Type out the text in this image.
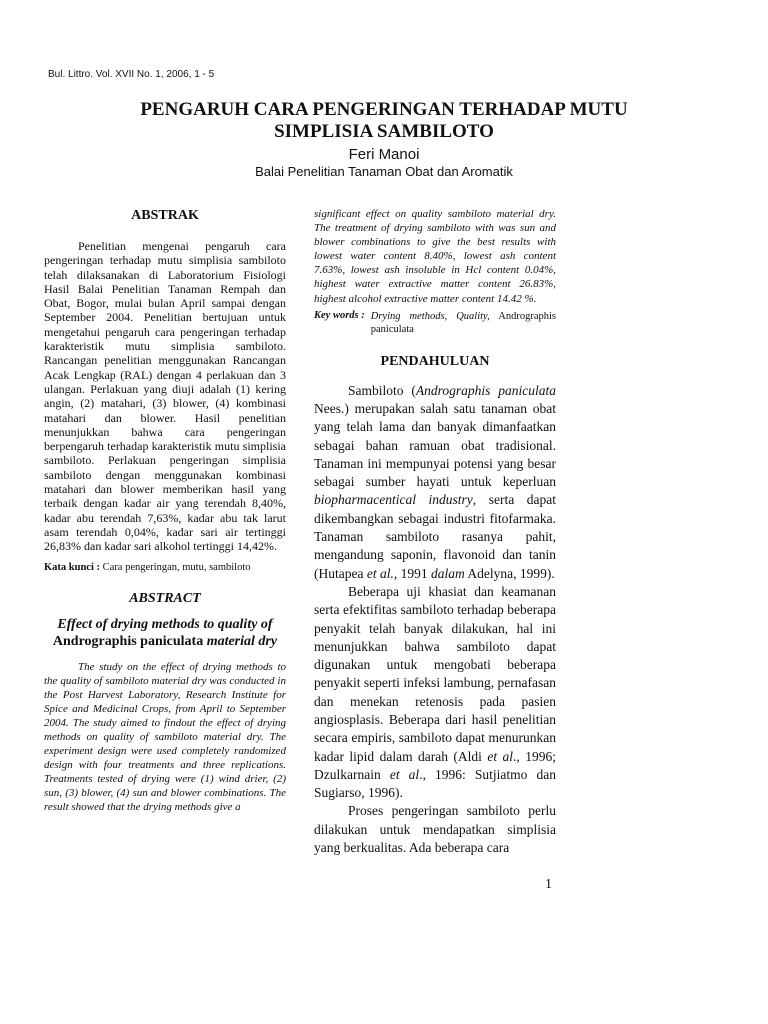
Bul. Littro. Vol. XVII No. 1, 2006, 1 - 5
PENGARUH CARA PENGERINGAN TERHADAP MUTU
SIMPLISIA SAMBILOTO
Feri Manoi
Balai Penelitian Tanaman Obat dan Aromatik
ABSTRAK

Penelitian mengenai pengaruh cara pengeringan terhadap mutu simplisia sambiloto telah dilaksanakan di Laboratorium Fisiologi Hasil Balai Penelitian Tanaman Rempah dan Obat, Bogor, mulai bulan April sampai dengan September 2004. Penelitian bertujuan untuk mengetahui pengaruh cara pengeringan terhadap karakteristik mutu simplisia sambiloto. Rancangan penelitian menggunakan Rancangan Acak Lengkap (RAL) dengan 4 perlakuan dan 3 ulangan. Perlakuan yang diuji adalah (1) kering angin, (2) matahari, (3) blower, (4) kombinasi matahari dan blower. Hasil penelitian menunjukkan bahwa cara pengeringan berpengaruh terhadap karakteristik mutu simplisia sambiloto. Perlakuan pengeringan simplisia sambiloto dengan menggunakan kombinasi matahari dan blower memberikan hasil yang terbaik dengan kadar air yang terendah 8,40%, kadar abu terendah 7,63%, kadar abu tak larut asam terendah 0,04%, kadar sari air tertinggi 26,83% dan kadar sari alkohol tertinggi 14,42%.

Kata kunci : Cara pengeringan, mutu, sambiloto
ABSTRACT
Effect of drying methods to quality of Andrographis paniculata material dry

The study on the effect of drying methods to the quality of sambiloto material dry was conducted in the Post Harvest Laboratory, Research Institute for Spice and Medicinal Crops, from April to September 2004. The study aimed to findout the effect of drying methods on quality of sambiloto material dry. The experiment design were used completely randomized design with four treatments and three replications. Treatments tested of drying were (1) wind drier, (2) sun, (3) blower, (4) sun and blower combinations. The result showed that the drying methods give a

significant effect on quality sambiloto material dry. The treatment of drying sambiloto with was sun and blower combinations to give the best results with lowest water content 8.40%, lowest ash content 7.63%, lowest ash insoluble in Hcl content 0.04%, highest water extractive matter content 26.83%, highest alcohol extractive matter content 14.42 %.

Key words : Drying methods, Quality, Andrographis paniculata
PENDAHULUAN

Sambiloto (Andrographis paniculata Nees.) merupakan salah satu tanaman obat yang telah lama dan banyak dimanfaatkan sebagai bahan ramuan obat tradisional. Tanaman ini mempunyai potensi yang besar sebagai sumber hayati untuk keperluan biopharmacentical industry, serta dapat dikembangkan sebagai industri fitofarmaka. Tanaman sambiloto rasanya pahit, mengandung saponin, flavonoid dan tanin (Hutapea et al., 1991 dalam Adelyna, 1999).

Beberapa uji khasiat dan keamanan serta efektifitas sambiloto terhadap beberapa penyakit telah banyak dilakukan, hal ini menunjukkan bahwa sambiloto dapat digunakan untuk mengobati beberapa penyakit seperti infeksi lambung, pernafasan dan menekan retenosis pada pasien angiosplasis. Beberapa dari hasil penelitian secara empiris, sambiloto dapat menurunkan kadar lipid dalam darah (Aldi et al., 1996; Dzulkarnain et al., 1996: Sutjiatmo dan Sugiarso, 1996).

Proses pengeringan sambiloto perlu dilakukan untuk mendapatkan simplisia yang berkualitas. Ada beberapa cara

1
